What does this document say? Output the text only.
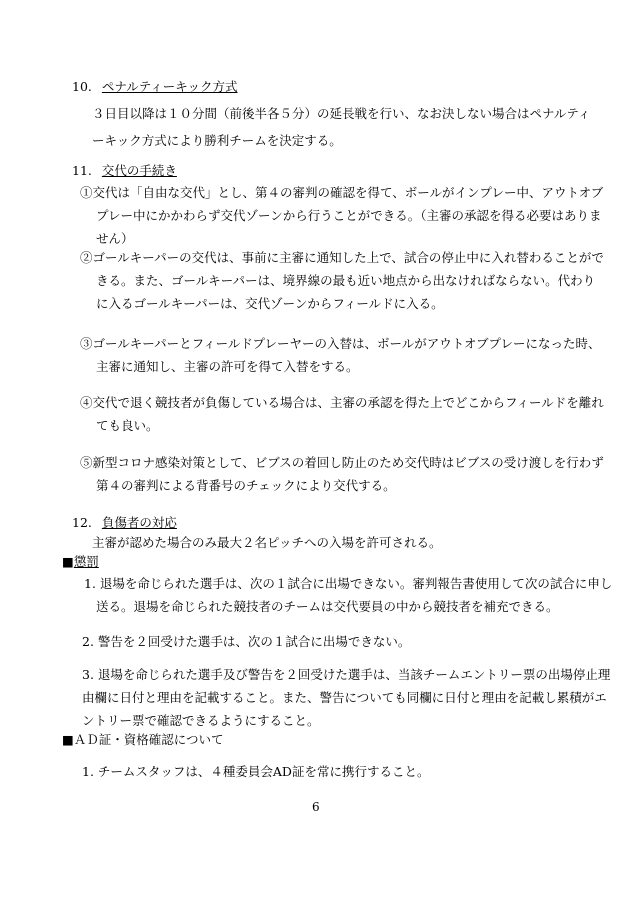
10. ペナルティーキック方式
３日目以降は１０分間（前後半各５分）の延長戦を行い、なお決しない場合はペナルティ
ーキック方式により勝利チームを決定する。
11. 交代の手続き
①交代は「自由な交代」とし、第４の審判の確認を得て、ボールがインプレー中、アウトオブ
プレー中にかかわらず交代ゾーンから行うことができる。（主審の承認を得る必要はありま
せん）
②ゴールキーパーの交代は、事前に主審に通知した上で、試合の停止中に入れ替わることがで
きる。また、ゴールキーパーは、境界線の最も近い地点から出なければならない。代わり
に入るゴールキーパーは、交代ゾーンからフィールドに入る。
③ゴールキーパーとフィールドプレーヤーの入替は、ボールがアウトオブプレーになった時、
主審に通知し、主審の許可を得て入替をする。
④交代で退く競技者が負傷している場合は、主審の承認を得た上でどこからフィールドを離れ
ても良い。
⑤新型コロナ感染対策として、ビブスの着回し防止のため交代時はビブスの受け渡しを行わず
第４の審判による背番号のチェックにより交代する。
12. 負傷者の対応
主審が認めた場合のみ最大２名ピッチへの入場を許可される。
■懲罰
1. 退場を命じられた選手は、次の１試合に出場できない。審判報告書使用して次の試合に申し
送る。退場を命じられた競技者のチームは交代要員の中から競技者を補充できる。
2. 警告を２回受けた選手は、次の１試合に出場できない。
3. 退場を命じられた選手及び警告を２回受けた選手は、当該チームエントリー票の出場停止理
由欄に日付と理由を記載すること。また、警告についても同欄に日付と理由を記載し累積がエ
ントリー票で確認できるようにすること。
■ＡＤ証・資格確認について
1. チームスタッフは、４種委員会AD証を常に携行すること。
6
